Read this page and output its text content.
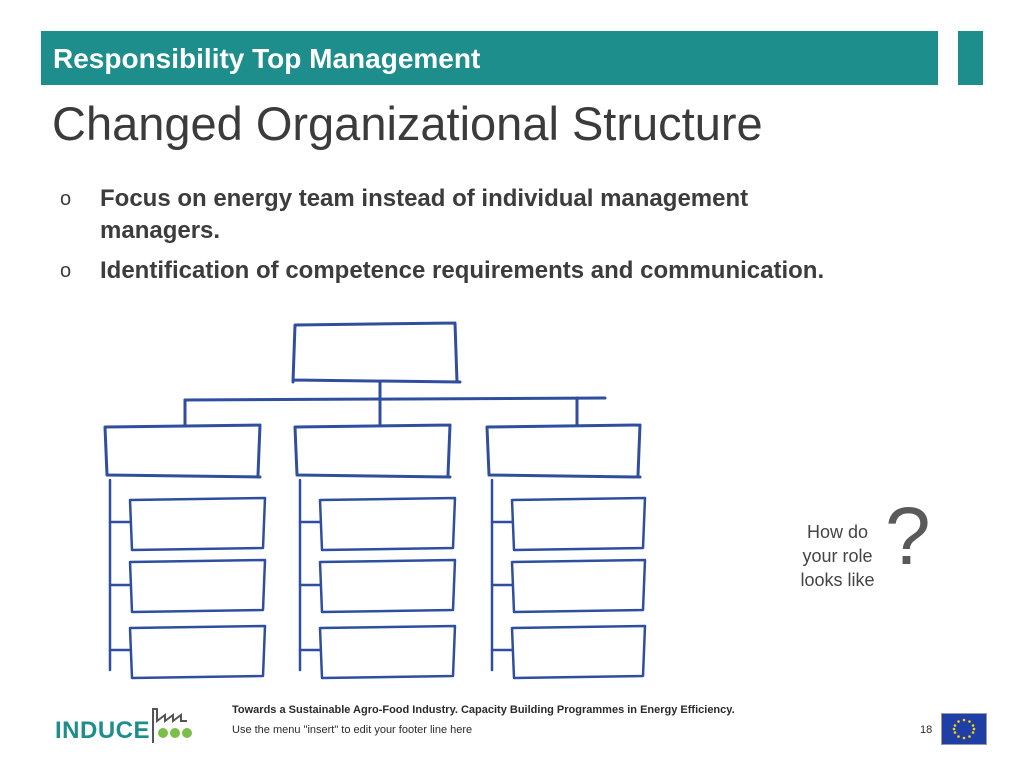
Responsibility Top Management
Changed Organizational Structure
o Focus on energy team instead of individual management managers.
o Identification of competence requirements and communication.
How do
your role
looks like ?
INDUCE
Towards a Sustainable Agro-Food Industry. Capacity Building Programmes in Energy Efficiency.
Use the menu "insert" to edit your footer line here	18
